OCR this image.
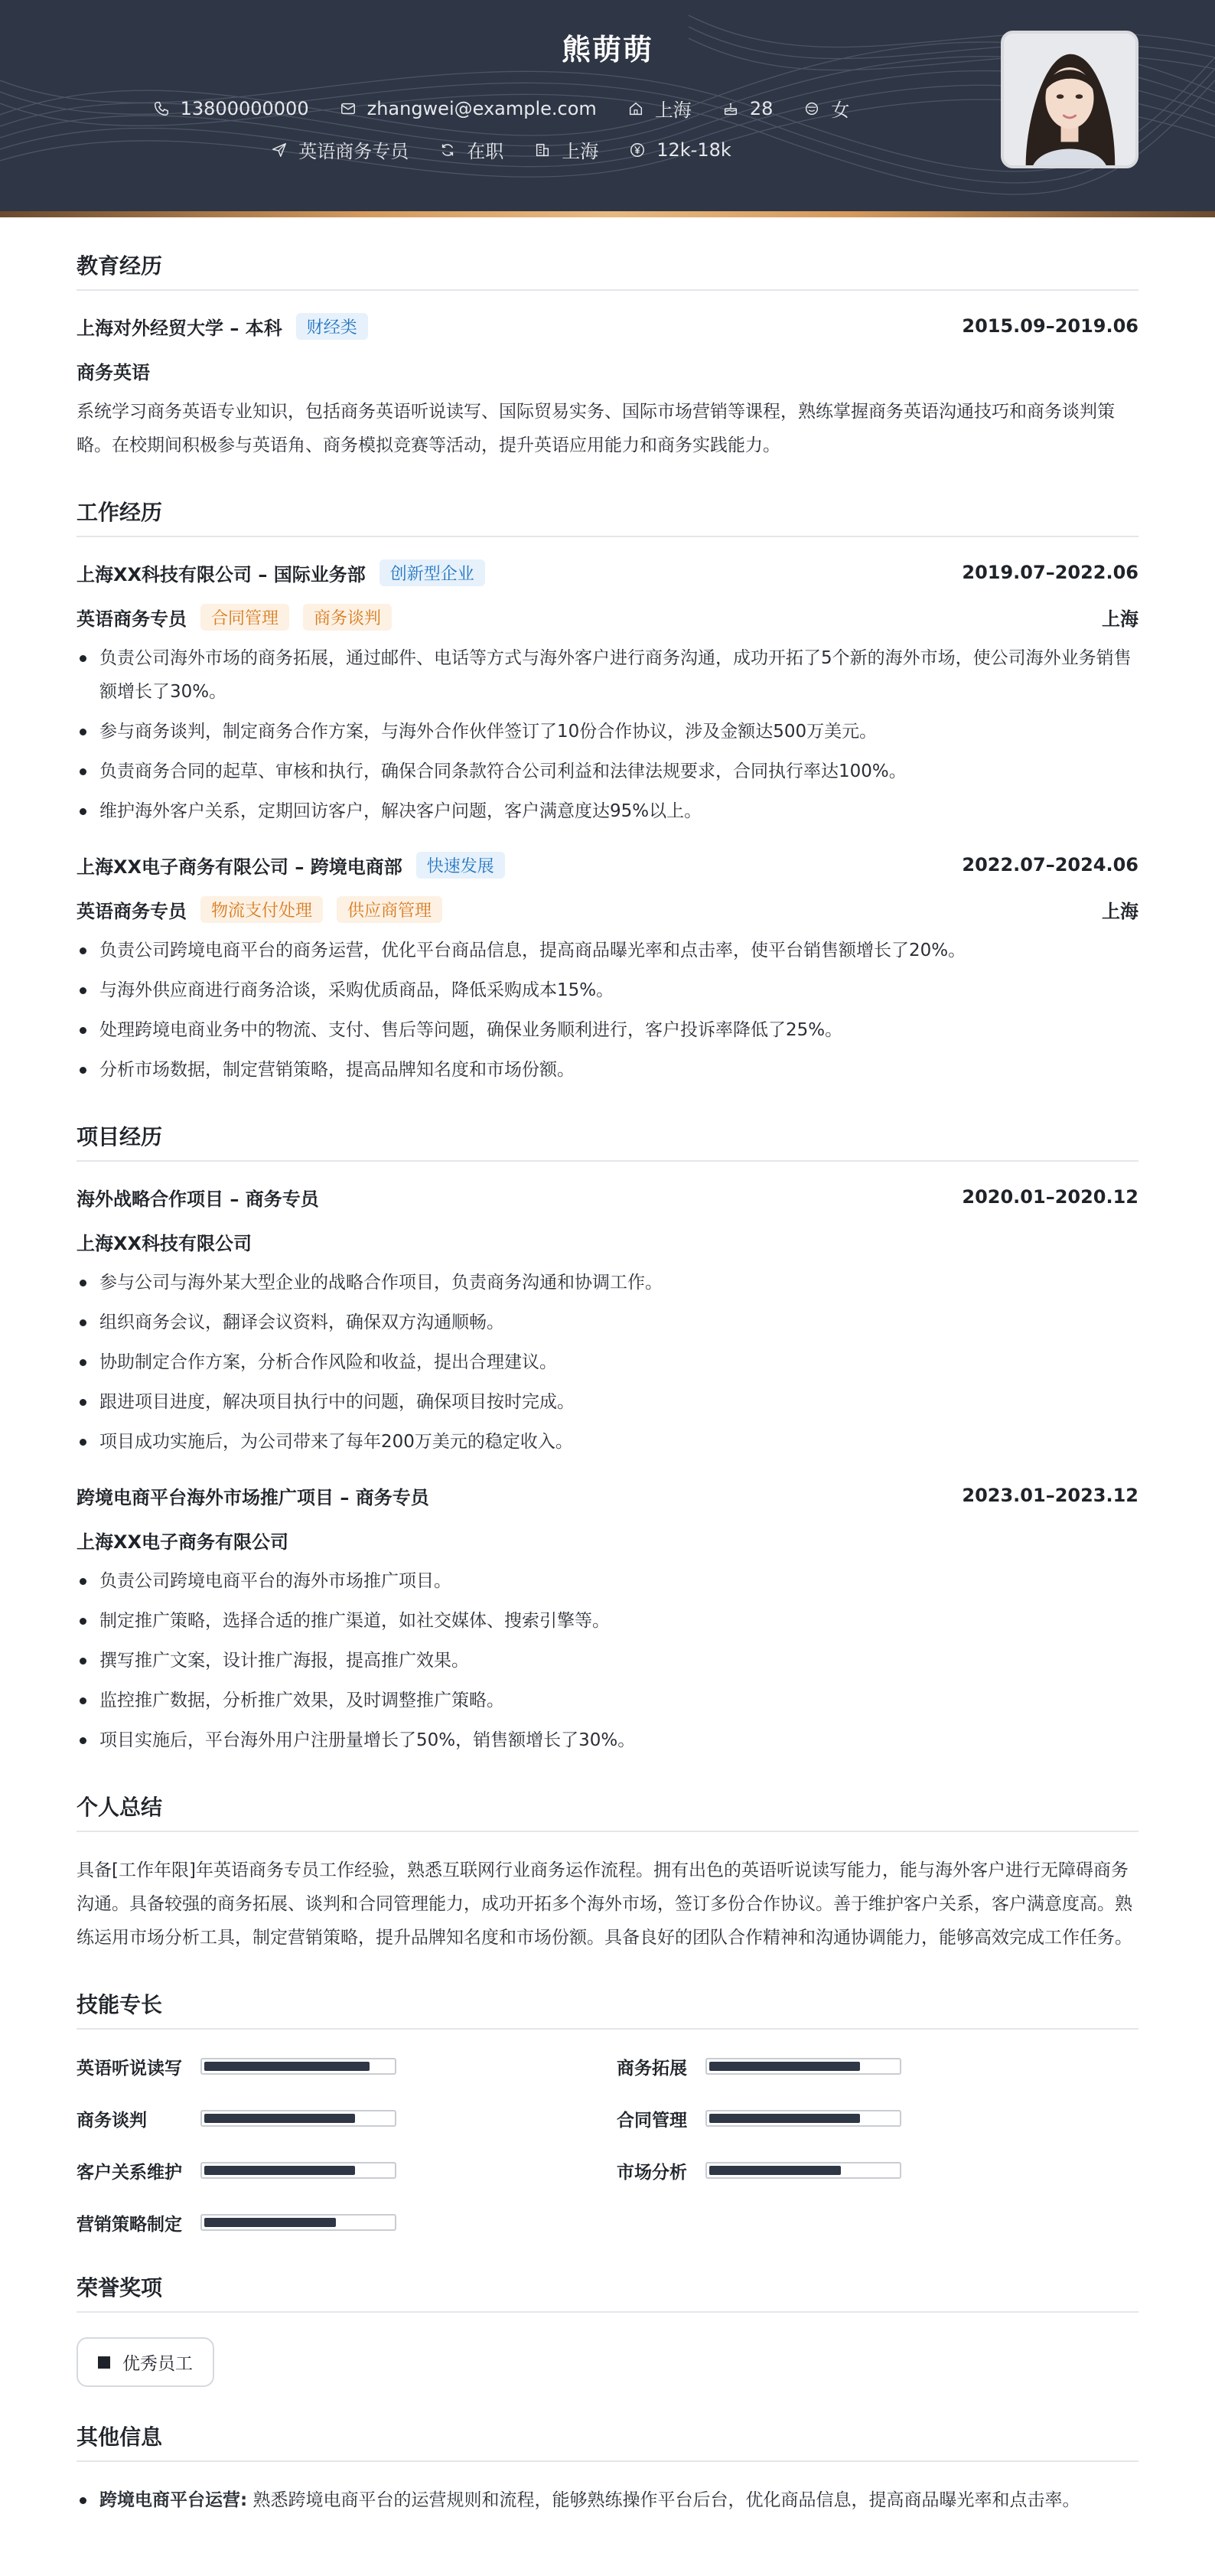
熊萌萌
13800000000	zhangwei@example.com	上海	28	女
英语商务专员	在职	上海	12k-18k
教育经历
上海对外经贸大学 – 本科	财经类	2015.09–2019.06
商务英语
系统学习商务英语专业知识，包括商务英语听说读写、国际贸易实务、国际市场营销等课程，熟练掌握商务英语沟通技巧和商务谈判策略。在校期间积极参与英语角、商务模拟竞赛等活动，提升英语应用能力和商务实践能力。
工作经历
上海XX科技有限公司 – 国际业务部	创新型企业	2019.07–2022.06
英语商务专员	合同管理	商务谈判	上海
负责公司海外市场的商务拓展，通过邮件、电话等方式与海外客户进行商务沟通，成功开拓了5个新的海外市场，使公司海外业务销售额增长了30%。
参与商务谈判，制定商务合作方案，与海外合作伙伴签订了10份合作协议，涉及金额达500万美元。
负责商务合同的起草、审核和执行，确保合同条款符合公司利益和法律法规要求，合同执行率达100%。
维护海外客户关系，定期回访客户，解决客户问题，客户满意度达95%以上。
上海XX电子商务有限公司 – 跨境电商部	快速发展	2022.07–2024.06
英语商务专员	物流支付处理	供应商管理	上海
负责公司跨境电商平台的商务运营，优化平台商品信息，提高商品曝光率和点击率，使平台销售额增长了20%。
与海外供应商进行商务洽谈，采购优质商品，降低采购成本15%。
处理跨境电商业务中的物流、支付、售后等问题，确保业务顺利进行，客户投诉率降低了25%。
分析市场数据，制定营销策略，提高品牌知名度和市场份额。
项目经历
海外战略合作项目 – 商务专员	2020.01–2020.12
上海XX科技有限公司
参与公司与海外某大型企业的战略合作项目，负责商务沟通和协调工作。
组织商务会议，翻译会议资料，确保双方沟通顺畅。
协助制定合作方案，分析合作风险和收益，提出合理建议。
跟进项目进度，解决项目执行中的问题，确保项目按时完成。
项目成功实施后，为公司带来了每年200万美元的稳定收入。
跨境电商平台海外市场推广项目 – 商务专员	2023.01–2023.12
上海XX电子商务有限公司
负责公司跨境电商平台的海外市场推广项目。
制定推广策略，选择合适的推广渠道，如社交媒体、搜索引擎等。
撰写推广文案，设计推广海报，提高推广效果。
监控推广数据，分析推广效果，及时调整推广策略。
项目实施后，平台海外用户注册量增长了50%，销售额增长了30%。
个人总结
具备[工作年限]年英语商务专员工作经验，熟悉互联网行业商务运作流程。拥有出色的英语听说读写能力，能与海外客户进行无障碍商务沟通。具备较强的商务拓展、谈判和合同管理能力，成功开拓多个海外市场，签订多份合作协议。善于维护客户关系，客户满意度高。熟练运用市场分析工具，制定营销策略，提升品牌知名度和市场份额。具备良好的团队合作精神和沟通协调能力，能够高效完成工作任务。
技能专长
英语听说读写	商务拓展
商务谈判	合同管理
客户关系维护	市场分析
营销策略制定
荣誉奖项
优秀员工
其他信息
跨境电商平台运营: 熟悉跨境电商平台的运营规则和流程，能够熟练操作平台后台，优化商品信息，提高商品曝光率和点击率。
